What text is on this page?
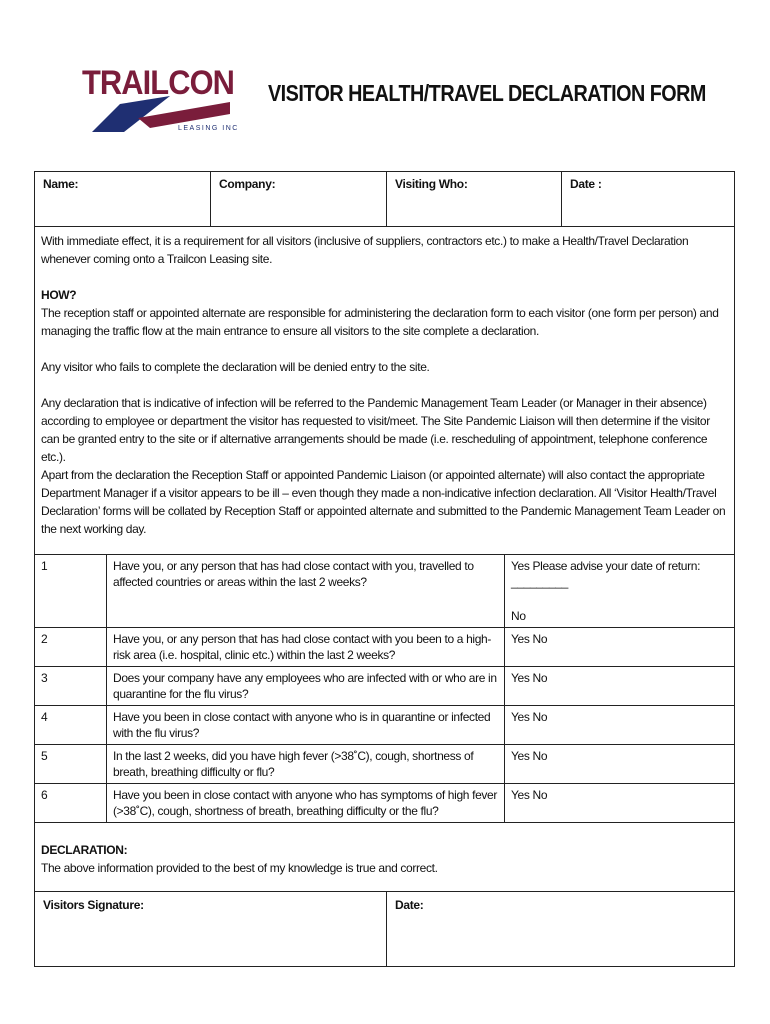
TRAILCON
LEASING INC
VISITOR HEALTH/TRAVEL DECLARATION FORM
Name:	Company:	Visiting Who:	Date :

With immediate effect, it is a requirement for all visitors (inclusive of suppliers, contractors etc.) to make a Health/Travel Declaration whenever coming onto a Trailcon Leasing site.

HOW?

The reception staff or appointed alternate are responsible for administering the declaration form to each visitor (one form per person) and managing the traffic flow at the main entrance to ensure all visitors to the site complete a declaration.

Any visitor who fails to complete the declaration will be denied entry to the site.

Any declaration that is indicative of infection will be referred to the Pandemic Management Team Leader (or Manager in their absence) according to employee or department the visitor has requested to visit/meet. The Site Pandemic Liaison will then determine if the visitor can be granted entry to the site or if alternative arrangements should be made (i.e. rescheduling of appointment, telephone conference etc.).

Apart from the declaration the Reception Staff or appointed Pandemic Liaison (or appointed alternate) will also contact the appropriate Department Manager if a visitor appears to be ill – even though they made a non-indicative infection declaration. All ‘Visitor Health/Travel Declaration’ forms will be collated by Reception Staff or appointed alternate and submitted to the Pandemic Management Team Leader on the next working day.

1	Have you, or any person that has had close contact with you, travelled to affected countries or areas within the last 2 weeks?	Yes Please advise your date of return: _________
No

2	Have you, or any person that has had close contact with you been to a high-risk area (i.e. hospital, clinic etc.) within the last 2 weeks?	Yes No
3	Does your company have any employees who are infected with or who are in quarantine for the flu virus?	Yes No
4	Have you been in close contact with anyone who is in quarantine or infected with the flu virus?	Yes No
5	In the last 2 weeks, did you have high fever (>38˚C), cough, shortness of breath, breathing difficulty or flu?	Yes No
6	Have you been in close contact with anyone who has symptoms of high fever (>38˚C), cough, shortness of breath, breathing difficulty or the flu?	Yes No

DECLARATION:

The above information provided to the best of my knowledge is true and correct.

Visitors Signature:	Date:
